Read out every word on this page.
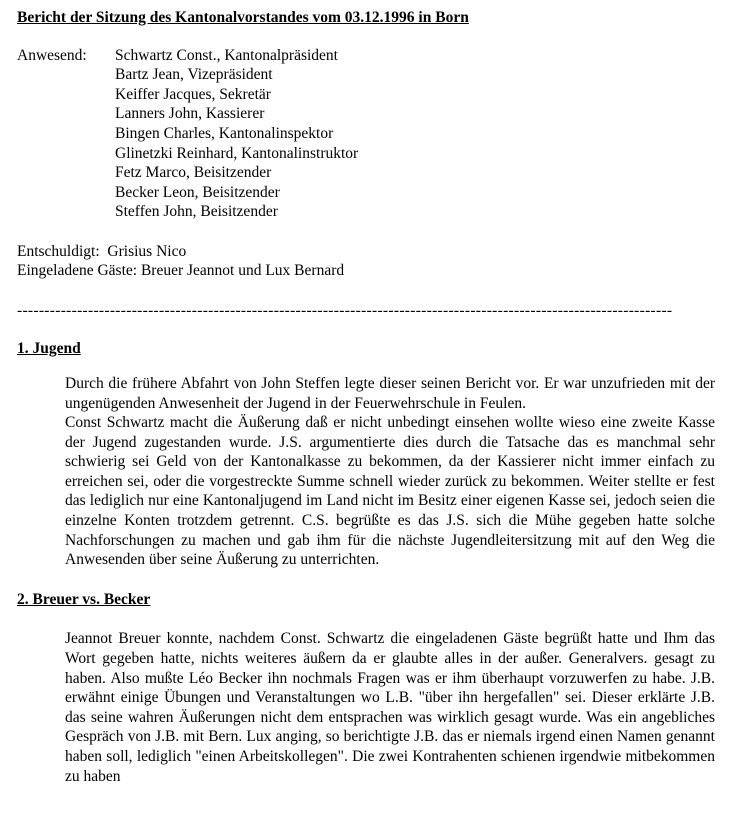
Bericht der Sitzung des Kantonalvorstandes vom 03.12.1996 in Born
Anwesend:	Schwartz Const., Kantonalpräsident
Bartz Jean, Vizepräsident
Keiffer Jacques, Sekretär
Lanners John, Kassierer
Bingen Charles, Kantonalinspektor
Glinetzki Reinhard, Kantonalinstruktor
Fetz Marco, Beisitzender
Becker Leon, Beisitzender
Steffen John, Beisitzender
Entschuldigt:  Grisius Nico
Eingeladene Gäste: Breuer Jeannot und Lux Bernard
------------------------------------------------------------------------------------------------------------------------
1. Jugend

Durch die frühere Abfahrt von John Steffen legte dieser seinen Bericht vor. Er war unzufrieden mit der ungenügenden Anwesenheit der Jugend in der Feuerwehrschule in Feulen.

Const Schwartz macht die Äußerung daß er nicht unbedingt einsehen wollte wieso eine zweite Kasse der Jugend zugestanden wurde. J.S. argumentierte dies durch die Tatsache das es manchmal sehr schwierig sei Geld von der Kantonalkasse zu bekommen, da der Kassierer nicht immer einfach zu erreichen sei, oder die vorgestreckte Summe schnell wieder zurück zu bekommen. Weiter stellte er fest das lediglich nur eine Kantonaljugend im Land nicht im Besitz einer eigenen Kasse sei, jedoch seien die einzelne Konten trotzdem getrennt. C.S. begrüßte es das J.S. sich die Mühe gegeben hatte solche Nachforschungen zu machen und gab ihm für die nächste Jugendleitersitzung mit auf den Weg die Anwesenden über seine Äußerung zu unterrichten.

2. Breuer vs. Becker

Jeannot Breuer konnte, nachdem Const. Schwartz die eingeladenen Gäste begrüßt hatte und Ihm das Wort gegeben hatte, nichts weiteres äußern da er glaubte alles in der außer. Generalvers. gesagt zu haben. Also mußte Léo Becker ihn nochmals Fragen was er ihm überhaupt vorzuwerfen zu habe. J.B. erwähnt einige Übungen und Veranstaltungen wo L.B. "über ihn hergefallen" sei. Dieser erklärte J.B. das seine wahren Äußerungen nicht dem entsprachen was wirklich gesagt wurde. Was ein angebliches Gespräch von J.B. mit Bern. Lux anging, so berichtigte J.B. das er niemals irgend einen Namen genannt haben soll, lediglich "einen Arbeitskollegen". Die zwei Kontrahenten schienen irgendwie mitbekommen zu haben
